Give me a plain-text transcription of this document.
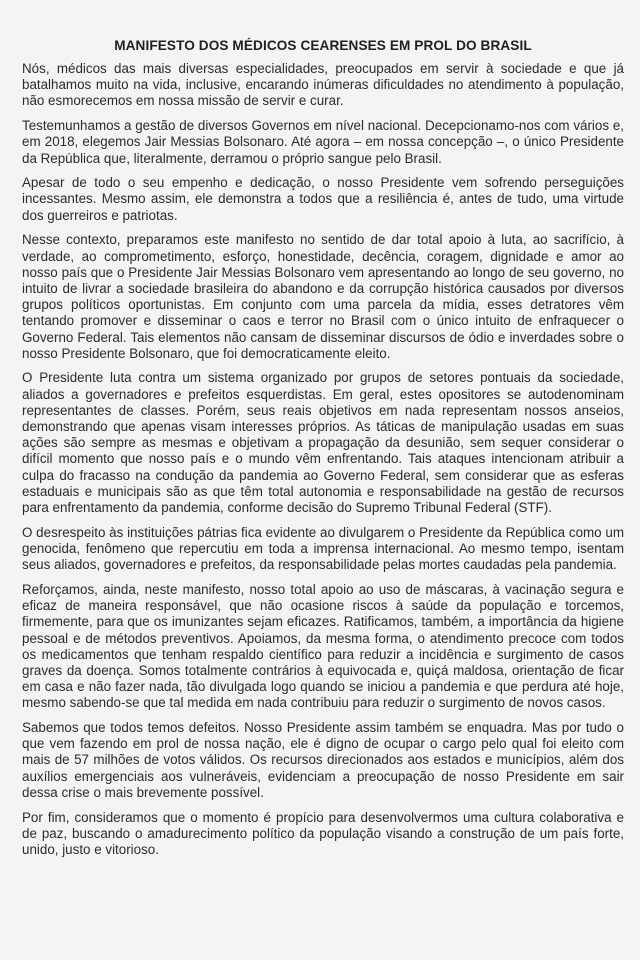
MANIFESTO DOS MÉDICOS CEARENSES EM PROL DO BRASIL

Nós, médicos das mais diversas especialidades, preocupados em servir à sociedade e que já batalhamos muito na vida, inclusive, encarando inúmeras dificuldades no atendimento à população, não esmorecemos em nossa missão de servir e curar.

Testemunhamos a gestão de diversos Governos em nível nacional. Decepcionamo-nos com vários e, em 2018, elegemos Jair Messias Bolsonaro. Até agora – em nossa concepção –, o único Presidente da República que, literalmente, derramou o próprio sangue pelo Brasil.

Apesar de todo o seu empenho e dedicação, o nosso Presidente vem sofrendo perseguições incessantes. Mesmo assim, ele demonstra a todos que a resiliência é, antes de tudo, uma virtude dos guerreiros e patriotas.

Nesse contexto, preparamos este manifesto no sentido de dar total apoio à luta, ao sacrifício, à verdade, ao comprometimento, esforço, honestidade, decência, coragem, dignidade e amor ao nosso país que o Presidente Jair Messias Bolsonaro vem apresentando ao longo de seu governo, no intuito de livrar a sociedade brasileira do abandono e da corrupção histórica causados por diversos grupos políticos oportunistas. Em conjunto com uma parcela da mídia, esses detratores vêm tentando promover e disseminar o caos e terror no Brasil com o único intuito de enfraquecer o Governo Federal. Tais elementos não cansam de disseminar discursos de ódio e inverdades sobre o nosso Presidente Bolsonaro, que foi democraticamente eleito.

O Presidente luta contra um sistema organizado por grupos de setores pontuais da sociedade, aliados a governadores e prefeitos esquerdistas. Em geral, estes opositores se autodenominam representantes de classes. Porém, seus reais objetivos em nada representam nossos anseios, demonstrando que apenas visam interesses próprios. As táticas de manipulação usadas em suas ações são sempre as mesmas e objetivam a propagação da desunião, sem sequer considerar o difícil momento que nosso país e o mundo vêm enfrentando. Tais ataques intencionam atribuir a culpa do fracasso na condução da pandemia ao Governo Federal, sem considerar que as esferas estaduais e municipais são as que têm total autonomia e responsabilidade na gestão de recursos para enfrentamento da pandemia, conforme decisão do Supremo Tribunal Federal (STF).

O desrespeito às instituições pátrias fica evidente ao divulgarem o Presidente da República como um genocida, fenômeno que repercutiu em toda a imprensa internacional. Ao mesmo tempo, isentam seus aliados, governadores e prefeitos, da responsabilidade pelas mortes caudadas pela pandemia.

Reforçamos, ainda, neste manifesto, nosso total apoio ao uso de máscaras, à vacinação segura e eficaz de maneira responsável, que não ocasione riscos à saúde da população e torcemos, firmemente, para que os imunizantes sejam eficazes. Ratificamos, também, a importância da higiene pessoal e de métodos preventivos. Apoiamos, da mesma forma, o atendimento precoce com todos os medicamentos que tenham respaldo científico para reduzir a incidência e surgimento de casos graves da doença. Somos totalmente contrários à equivocada e, quiçá maldosa, orientação de ficar em casa e não fazer nada, tão divulgada logo quando se iniciou a pandemia e que perdura até hoje, mesmo sabendo-se que tal medida em nada contribuiu para reduzir o surgimento de novos casos.

Sabemos que todos temos defeitos. Nosso Presidente assim também se enquadra. Mas por tudo o que vem fazendo em prol de nossa nação, ele é digno de ocupar o cargo pelo qual foi eleito com mais de 57 milhões de votos válidos. Os recursos direcionados aos estados e municípios, além dos auxílios emergenciais aos vulneráveis, evidenciam a preocupação de nosso Presidente em sair dessa crise o mais brevemente possível.

Por fim, consideramos que o momento é propício para desenvolvermos uma cultura colaborativa e de paz, buscando o amadurecimento político da população visando a construção de um país forte, unido, justo e vitorioso.
